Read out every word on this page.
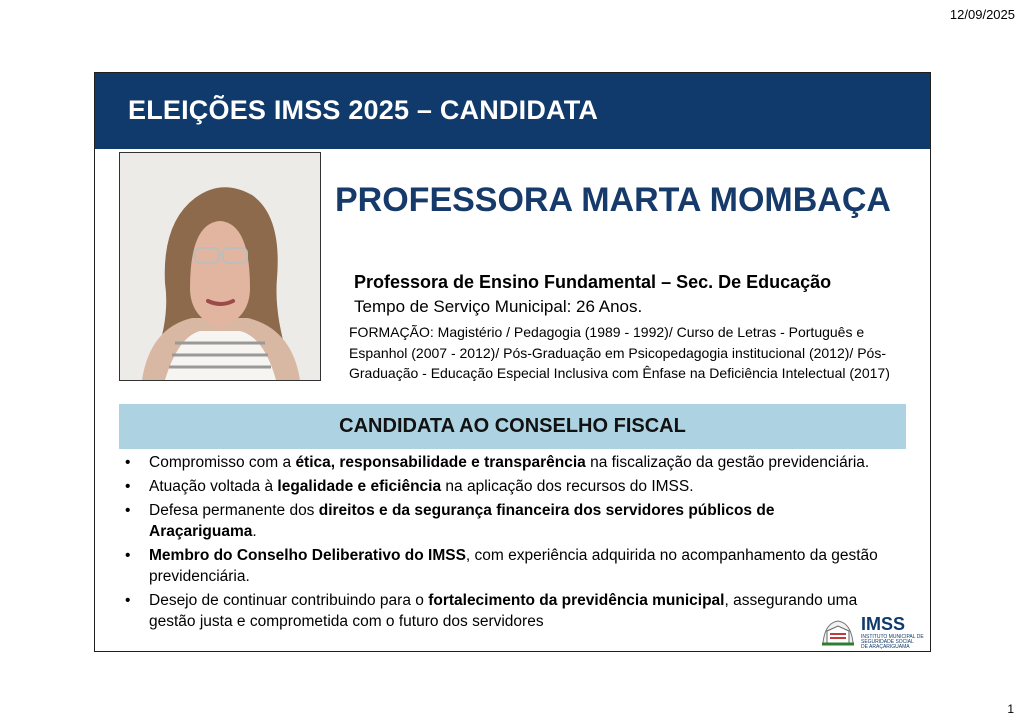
12/09/2025
ELEIÇÕES IMSS 2025 – CANDIDATA
PROFESSORA MARTA MOMBAÇA
Professora de Ensino Fundamental – Sec. De Educação
Tempo de Serviço Municipal: 26 Anos.
FORMAÇÃO: Magistério / Pedagogia (1989 - 1992)/ Curso de Letras - Português e Espanhol (2007 - 2012)/ Pós-Graduação em Psicopedagogia institucional (2012)/ Pós-Graduação - Educação Especial Inclusiva com Ênfase na Deficiência Intelectual (2017)
CANDIDATA AO CONSELHO FISCAL
• Compromisso com a ética, responsabilidade e transparência na fiscalização da gestão previdenciária.
• Atuação voltada à legalidade e eficiência na aplicação dos recursos do IMSS.
• Defesa permanente dos direitos e da segurança financeira dos servidores públicos de Araçariguama.
• Membro do Conselho Deliberativo do IMSS, com experiência adquirida no acompanhamento da gestão previdenciária.
• Desejo de continuar contribuindo para o fortalecimento da previdência municipal, assegurando uma gestão justa e comprometida com o futuro dos servidores	IMSS
INSTITUTO MUNICIPAL DE
SEGURIDADE SOCIAL
DE ARAÇARIGUAMA
1
